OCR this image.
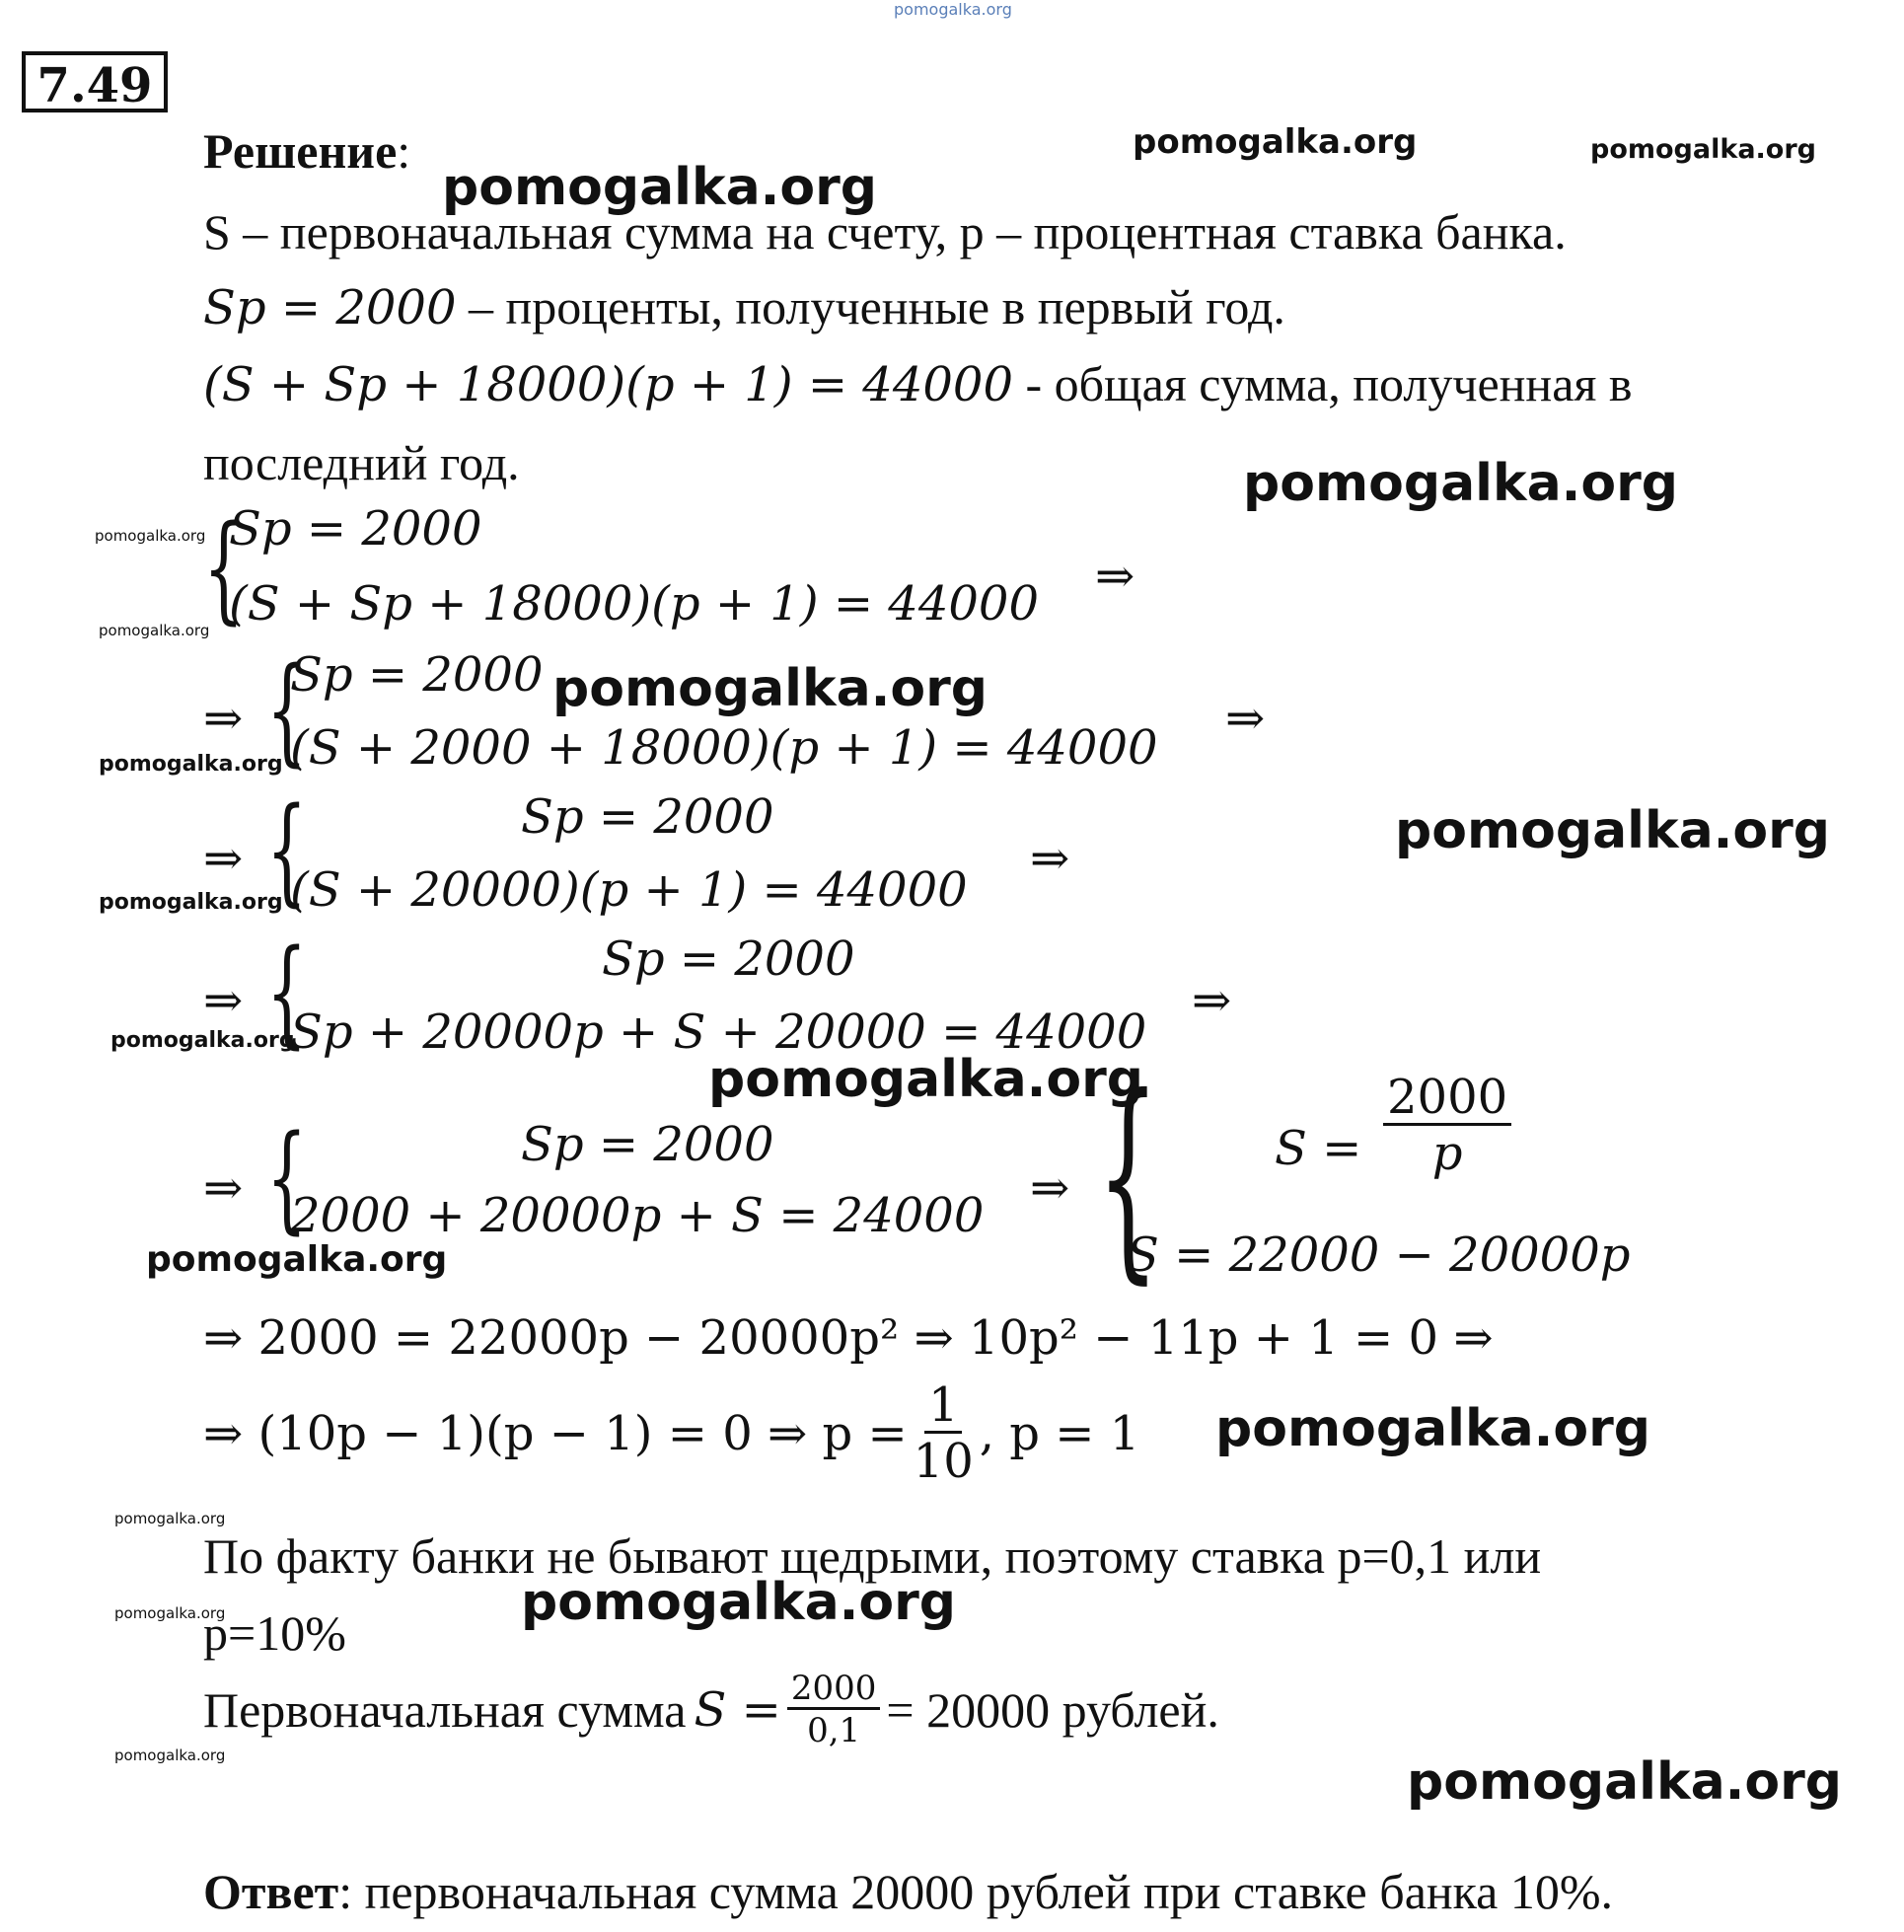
pomogalka.org
7.49
Решение:	pomogalka.org	pomogalka.org
pomogalka.org
S – первоначальная сумма на счету, p – процентная ставка банка.
Sp = 2000 – проценты, полученные в первый год.
(S + Sp + 18000)(p + 1) = 44000 - общая сумма, полученная в
последний год.	pomogalka.org
pomogalka.org
pomogalka.org
{
Sp = 2000
(S + Sp + 18000)(p + 1) = 44000 ⇒
⇒ {
Sp = 2000
(S + 2000 + 18000)(p + 1) = 44000
⇒
pomogalka.org
pomogalka.org
⇒ {	Sp = 2000
(S + 20000)(p + 1) = 44000
⇒	pomogalka.org
pomogalka.org
⇒ {	Sp = 2000
Sp + 20000p + S + 20000 = 44000
⇒
pomogalka.org
pomogalka.org
⇒ {	Sp = 2000
2000 + 20000p + S = 24000 ⇒
pomogalka.org	{ $S = \frac{2000}{p}$
S = 22000 − 20000p
⇒ 2000 = 22000p − 20000p² ⇒ 10p² − 11p + 1 = 0 ⇒
⇒ (10p − 1)(p − 1) = 0 ⇒ $p = \frac{1}{10}$ , p = 1 pomogalka.org
pomogalka.org
По факту банки не бывают щедрыми, поэтому ставка p=0,1 или
pomogalka.org
p=10%
pomogalka.org
Первоначальная сумма $S = \frac{2000}{0,1} = 20000$ рублей.
pomogalka.org	pomogalka.org
Ответ: первоначальная сумма 20000 рублей при ставке банка 10%.
